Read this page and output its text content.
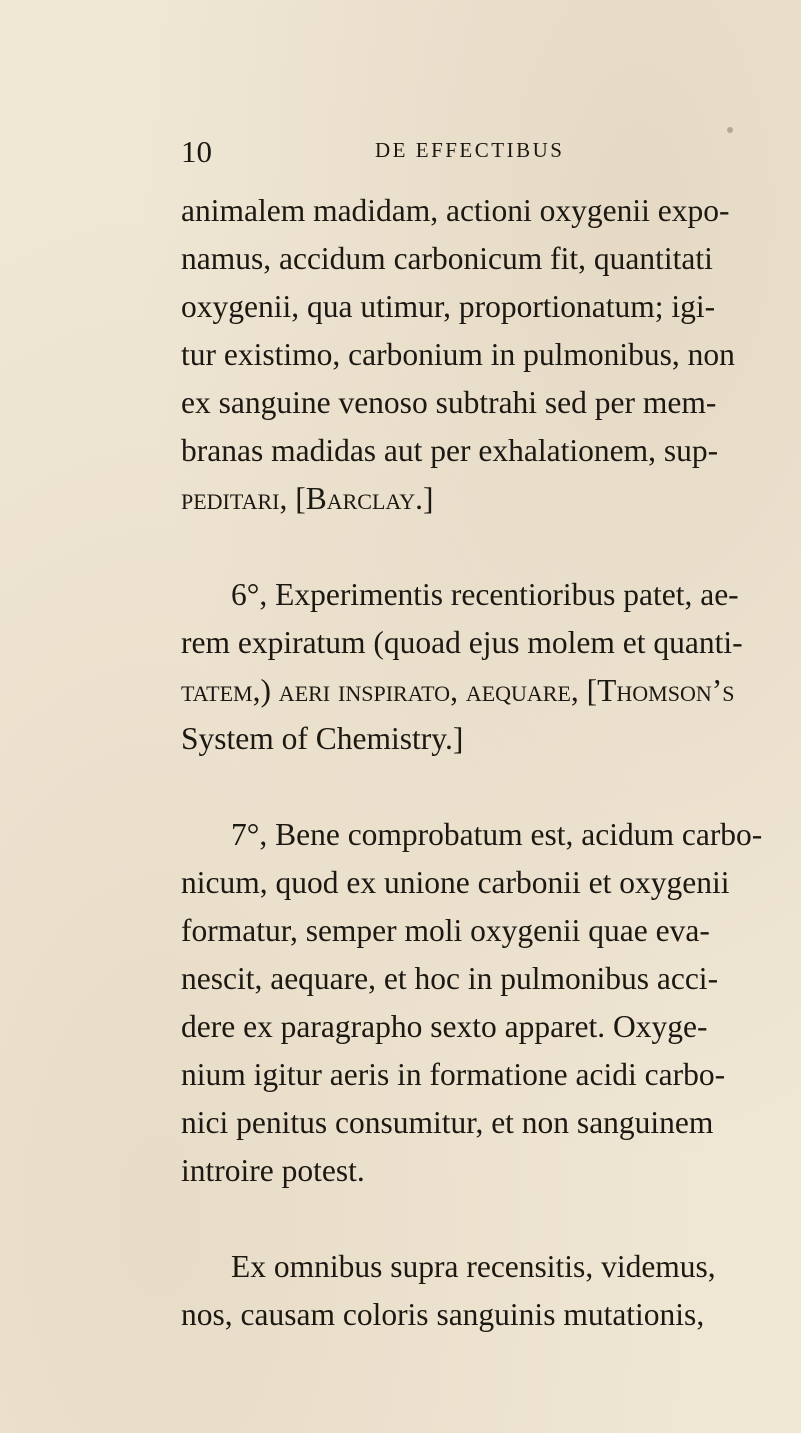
10	DE EFFECTIBUS
animalem madidam, actioni oxygenii expo-
namus, accidum carbonicum fit, quantitati
oxygenii, qua utimur, proportionatum; igi-
tur existimo, carbonium in pulmonibus, non
ex sanguine venoso subtrahi sed per mem-
branas madidas aut per exhalationem, sup-
peditari, [Barclay.]
6°, Experimentis recentioribus patet, ae-
rem expiratum (quoad ejus molem et quanti-
tatem,) aeri inspirato, aequare, [Thomson’s
System of Chemistry.]
7°, Bene comprobatum est, acidum carbo-
nicum, quod ex unione carbonii et oxygenii
formatur, semper moli oxygenii quae eva-
nescit, aequare, et hoc in pulmonibus acci-
dere ex paragrapho sexto apparet. Oxyge-
nium igitur aeris in formatione acidi carbo-
nici penitus consumitur, et non sanguinem
introire potest.
Ex omnibus supra recensitis, videmus,
nos, causam coloris sanguinis mutationis,
